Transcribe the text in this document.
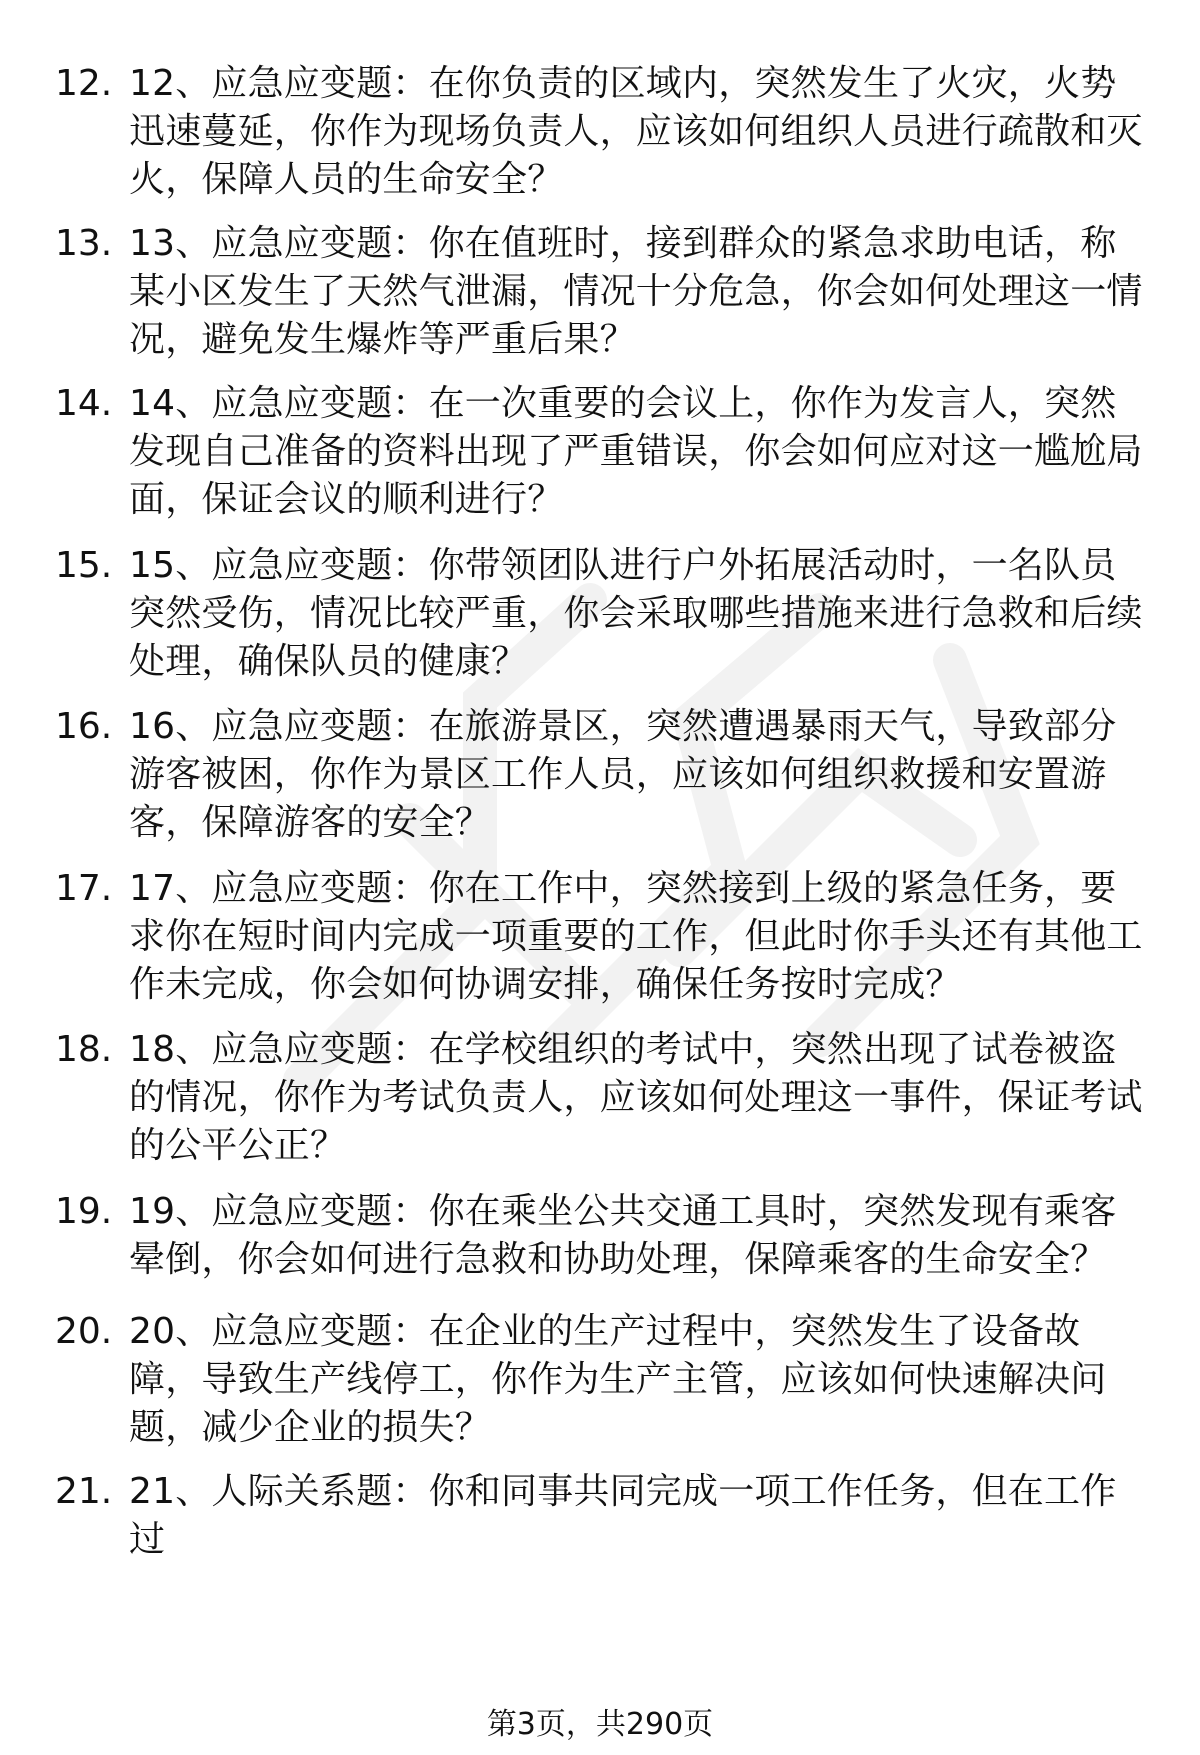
12. 12、应急应变题：在你负责的区域内，突然发生了火灾，火势迅速蔓延，你作为现场负责人，应该如何组织人员进行疏散和灭火，保障人员的生命安全？
13. 13、应急应变题：你在值班时，接到群众的紧急求助电话，称某小区发生了天然气泄漏，情况十分危急，你会如何处理这一情况，避免发生爆炸等严重后果？
14. 14、应急应变题：在一次重要的会议上，你作为发言人，突然发现自己准备的资料出现了严重错误，你会如何应对这一尴尬局面，保证会议的顺利进行？
15. 15、应急应变题：你带领团队进行户外拓展活动时，一名队员突然受伤，情况比较严重，你会采取哪些措施来进行急救和后续处理，确保队员的健康？
16. 16、应急应变题：在旅游景区，突然遭遇暴雨天气，导致部分游客被困，你作为景区工作人员，应该如何组织救援和安置游客，保障游客的安全？
17. 17、应急应变题：你在工作中，突然接到上级的紧急任务，要求你在短时间内完成一项重要的工作，但此时你手头还有其他工作未完成，你会如何协调安排，确保任务按时完成？
18. 18、应急应变题：在学校组织的考试中，突然出现了试卷被盗的情况，你作为考试负责人，应该如何处理这一事件，保证考试的公平公正？
19. 19、应急应变题：你在乘坐公共交通工具时，突然发现有乘客晕倒，你会如何进行急救和协助处理，保障乘客的生命安全？
20. 20、应急应变题：在企业的生产过程中，突然发生了设备故障，导致生产线停工，你作为生产主管，应该如何快速解决问题，减少企业的损失？
21. 21、人际关系题：你和同事共同完成一项工作任务，但在工作过
第3页，共290页
